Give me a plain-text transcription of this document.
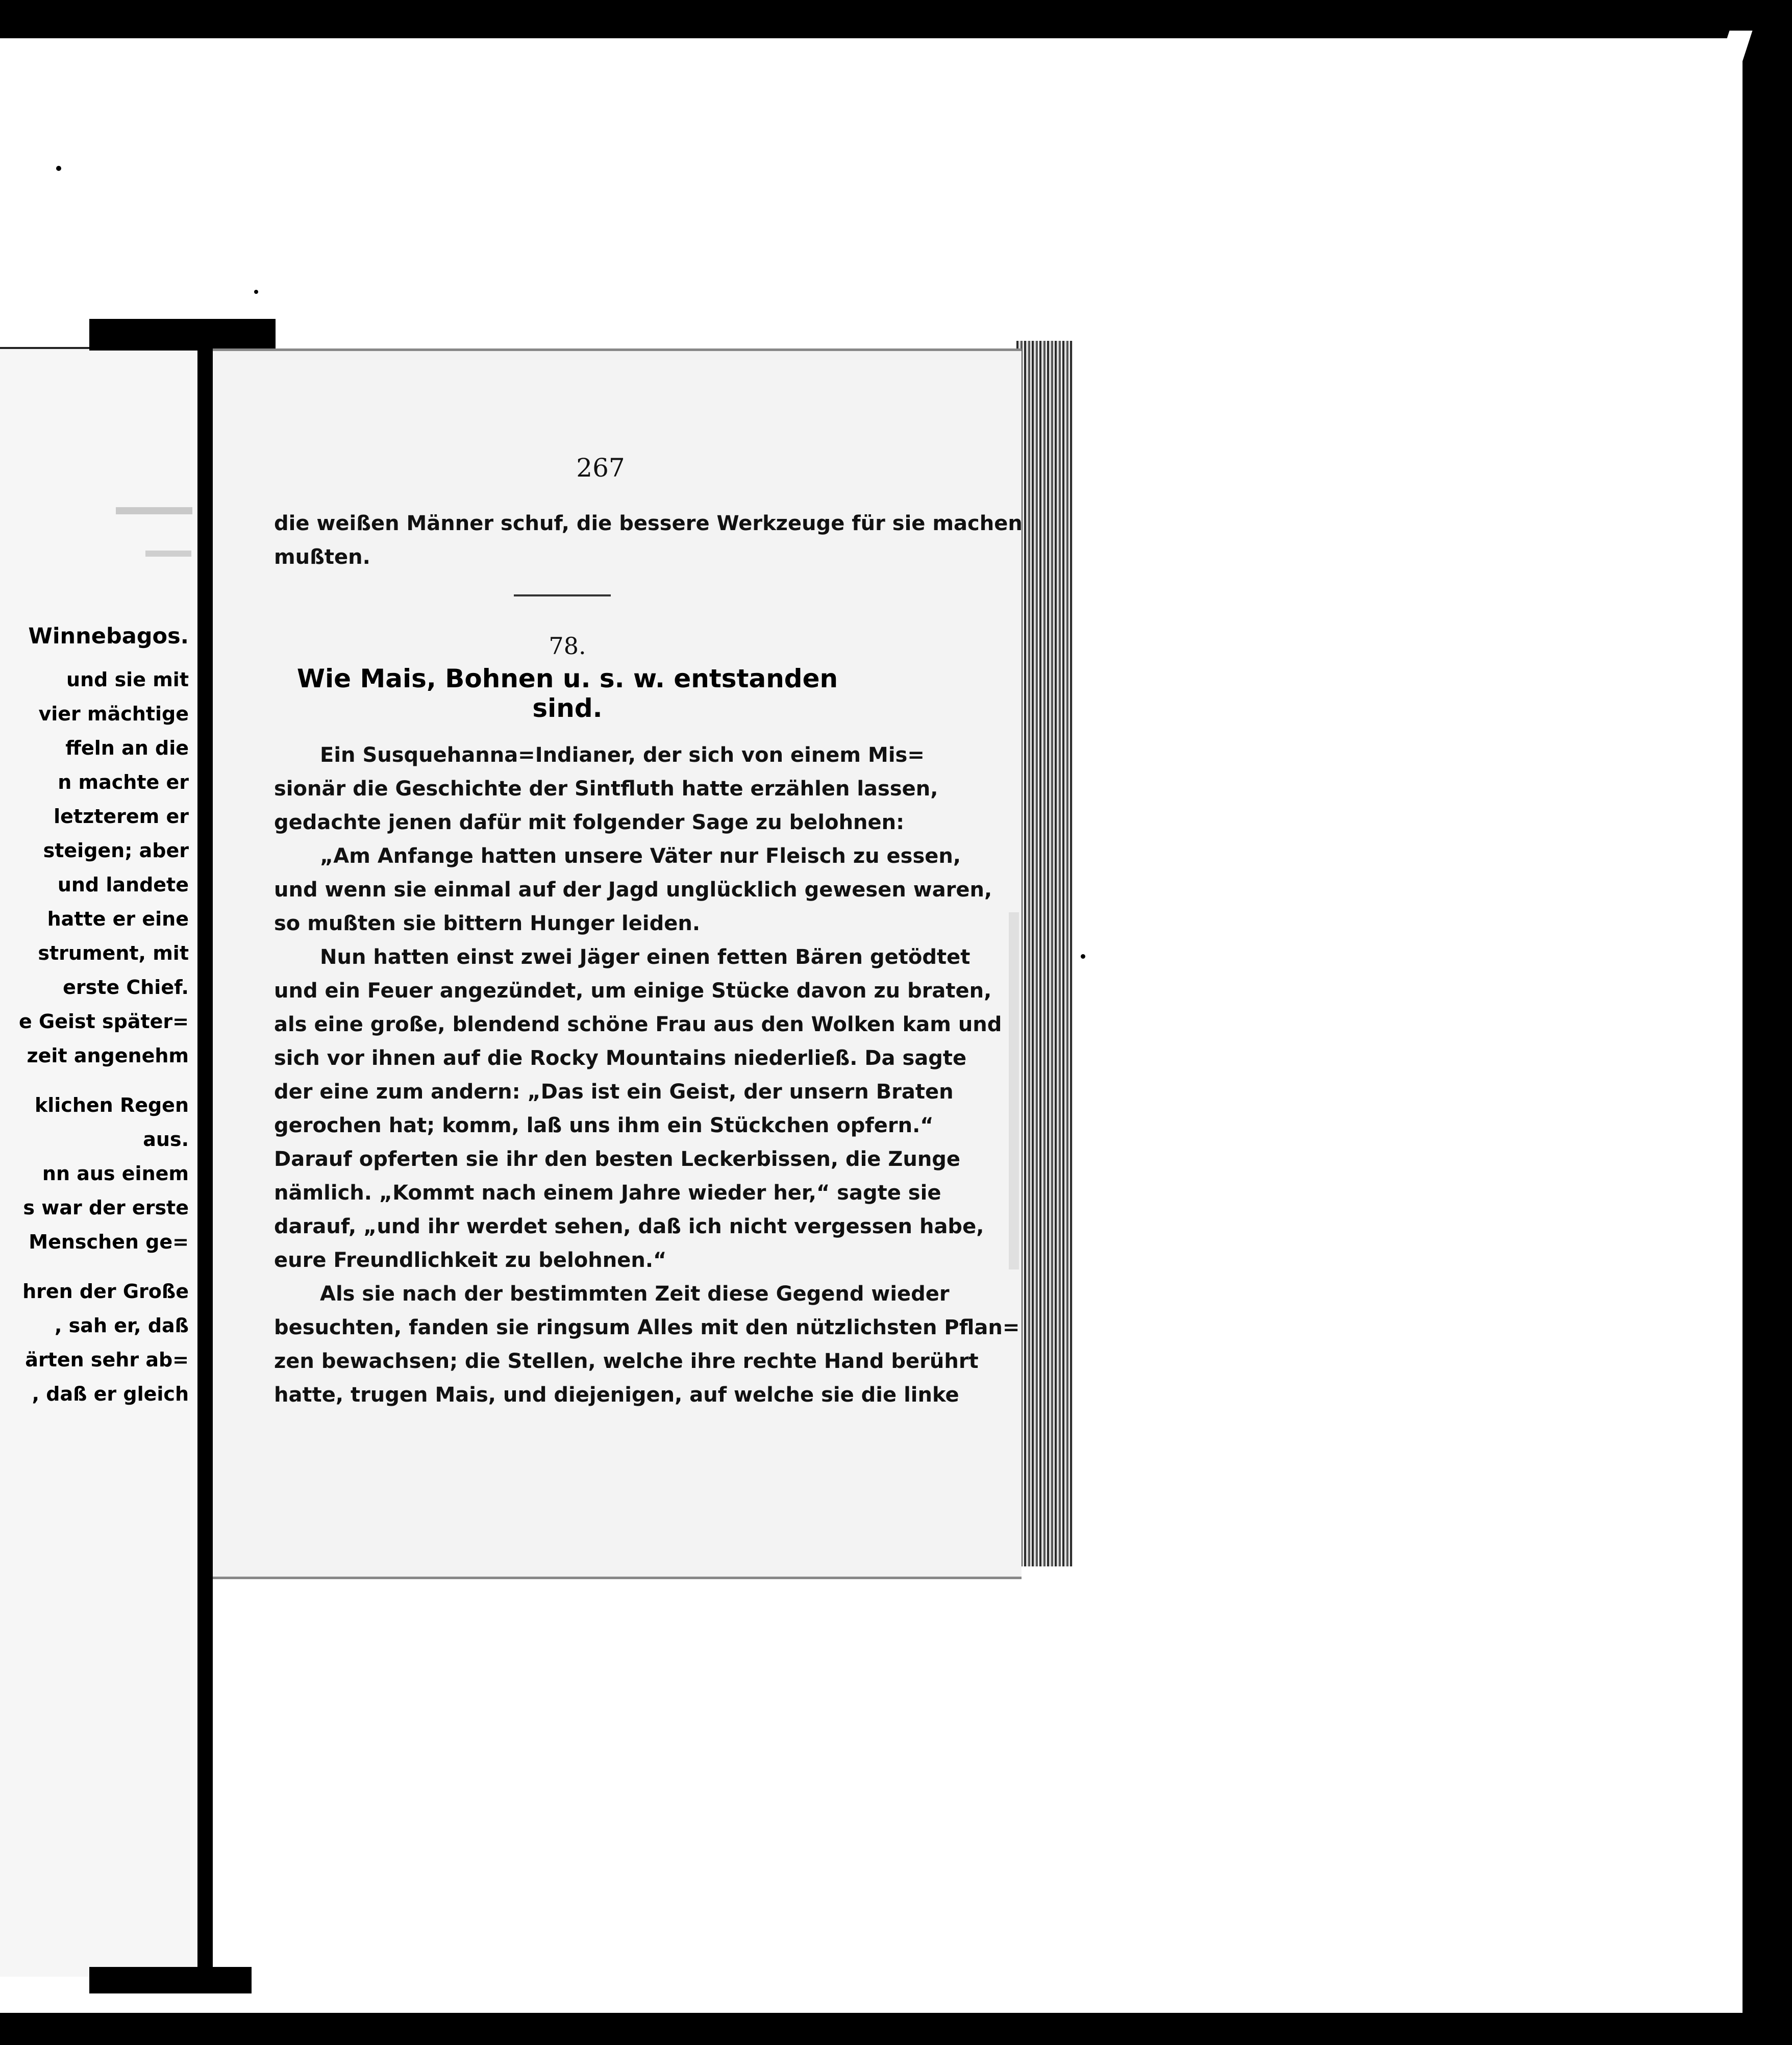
Winnebagos.
und sie mit
vier mächtige
ffeln an die
n machte er
letzterem er
steigen; aber
und landete
hatte er eine
strument, mit
erste Chief.
e Geist später=
zeit angenehm
klichen Regen
aus.
nn aus einem
s war der erste
Menschen ge=
hren der Große
, sah er, daß
ärten sehr ab=
, daß er gleich
267
die weißen Männer schuf, die bessere Werkzeuge für sie machen
mußten.
78.
Wie Mais, Bohnen u. s. w. entstanden sind.
Ein Susquehanna=Indianer, der sich von einem Mis=
sionär die Geschichte der Sintfluth hatte erzählen lassen,
gedachte jenen dafür mit folgender Sage zu belohnen:
„Am Anfange hatten unsere Väter nur Fleisch zu essen,
und wenn sie einmal auf der Jagd unglücklich gewesen waren,
so mußten sie bittern Hunger leiden.
Nun hatten einst zwei Jäger einen fetten Bären getödtet
und ein Feuer angezündet, um einige Stücke davon zu braten,
als eine große, blendend schöne Frau aus den Wolken kam und
sich vor ihnen auf die Rocky Mountains niederließ. Da sagte
der eine zum andern: „Das ist ein Geist, der unsern Braten
gerochen hat; komm, laß uns ihm ein Stückchen opfern.“
Darauf opferten sie ihr den besten Leckerbissen, die Zunge
nämlich. „Kommt nach einem Jahre wieder her,“ sagte sie
darauf, „und ihr werdet sehen, daß ich nicht vergessen habe,
eure Freundlichkeit zu belohnen.“
Als sie nach der bestimmten Zeit diese Gegend wieder
besuchten, fanden sie ringsum Alles mit den nützlichsten Pflan=
zen bewachsen; die Stellen, welche ihre rechte Hand berührt
hatte, trugen Mais, und diejenigen, auf welche sie die linke
